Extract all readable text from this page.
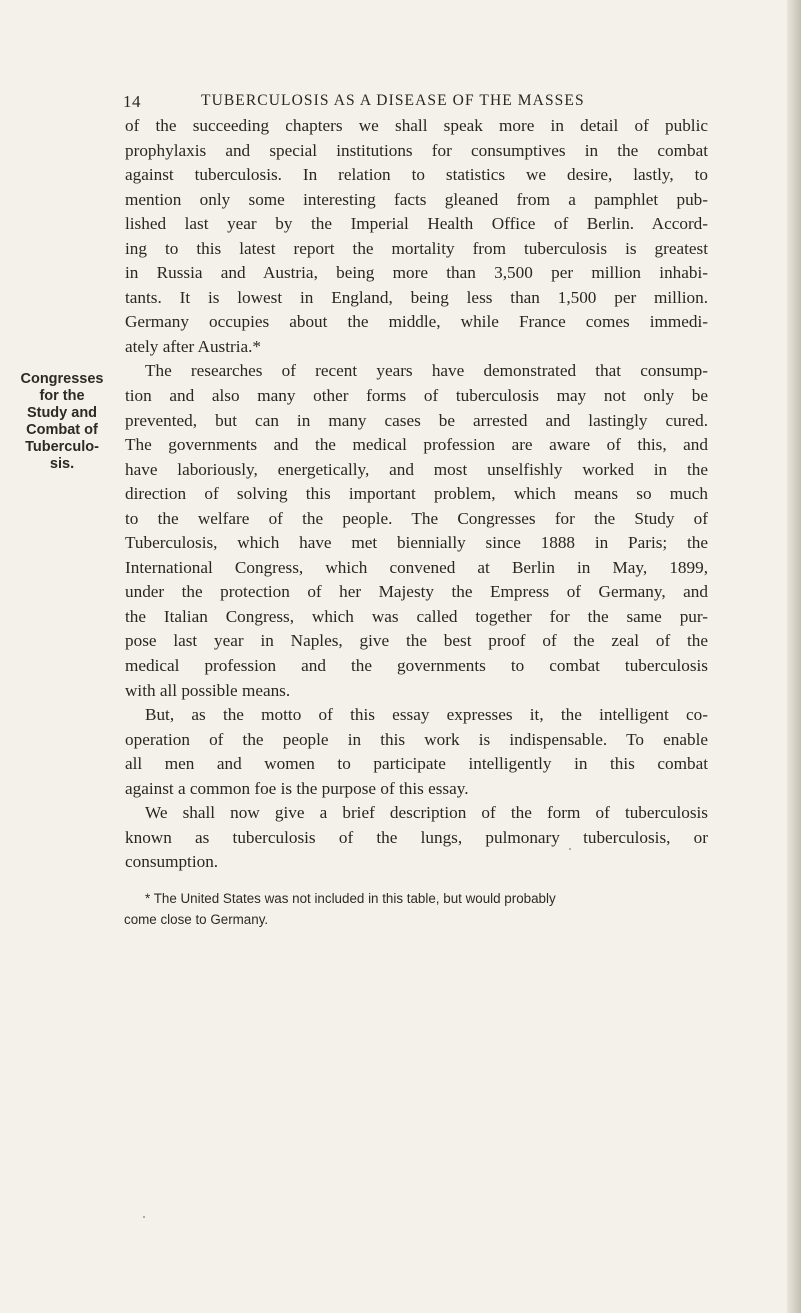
14	TUBERCULOSIS AS A DISEASE OF THE MASSES
Congresses
for the
Study and
Combat of
Tuberculo-
sis.
of the succeeding chapters we shall speak more in detail of public
prophylaxis and special institutions for consumptives in the combat
against tuberculosis. In relation to statistics we desire, lastly, to
mention only some interesting facts gleaned from a pamphlet pub-
lished last year by the Imperial Health Office of Berlin. Accord-
ing to this latest report the mortality from tuberculosis is greatest
in Russia and Austria, being more than 3,500 per million inhabi-
tants. It is lowest in England, being less than 1,500 per million.
Germany occupies about the middle, while France comes immedi-
ately after Austria.*
The researches of recent years have demonstrated that consump-
tion and also many other forms of tuberculosis may not only be
prevented, but can in many cases be arrested and lastingly cured.
The governments and the medical profession are aware of this, and
have laboriously, energetically, and most unselfishly worked in the
direction of solving this important problem, which means so much
to the welfare of the people. The Congresses for the Study of
Tuberculosis, which have met biennially since 1888 in Paris; the
International Congress, which convened at Berlin in May, 1899,
under the protection of her Majesty the Empress of Germany, and
the Italian Congress, which was called together for the same pur-
pose last year in Naples, give the best proof of the zeal of the
medical profession and the governments to combat tuberculosis
with all possible means.
But, as the motto of this essay expresses it, the intelligent co-
operation of the people in this work is indispensable. To enable
all men and women to participate intelligently in this combat
against a common foe is the purpose of this essay.
We shall now give a brief description of the form of tuberculosis
known as tuberculosis of the lungs, pulmonary tuberculosis, or
consumption.
* The United States was not included in this table, but would probably
come close to Germany.
